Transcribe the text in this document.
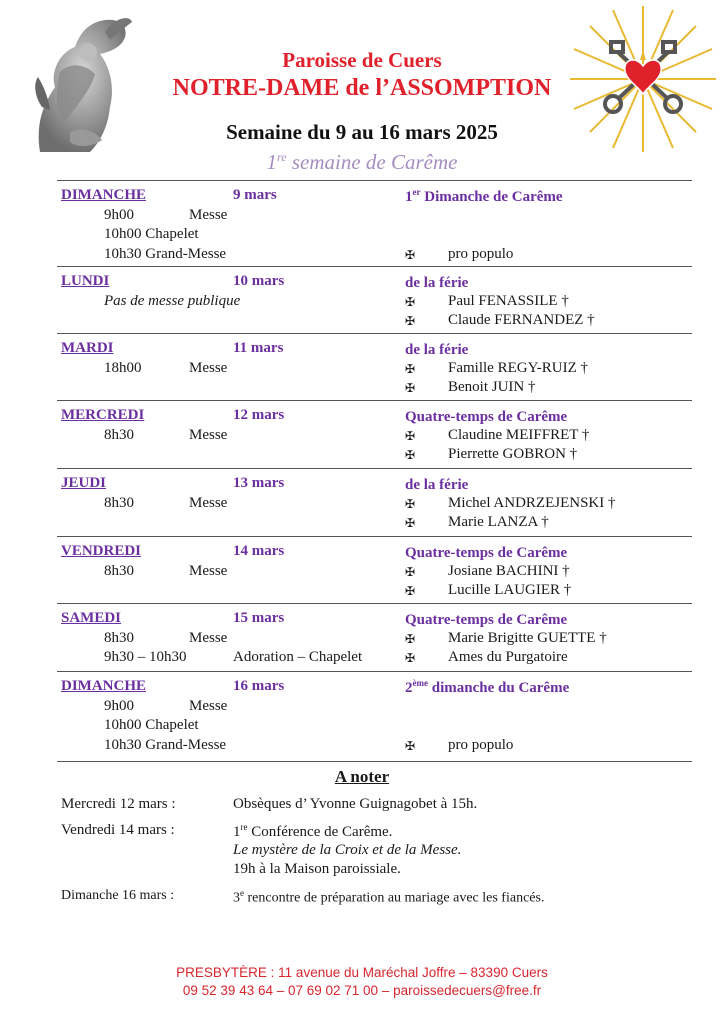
Paroisse de Cuers
NOTRE-DAME de l’ASSOMPTION
Semaine du 9 au 16 mars 2025
1re semaine de Carême
DIMANCHE	9 mars	1er Dimanche de Carême
9h00	Messe
10h00 Chapelet
10h30 Grand-Messe	✠ pro populo
LUNDI	10 mars	de la férie
Pas de messe publique	✠ Paul FENASSILE †
✠ Claude FERNANDEZ †
MARDI	11 mars	de la férie
18h00	Messe	✠ Famille REGY-RUIZ †
✠ Benoit JUIN †
MERCREDI	12 mars	Quatre-temps de Carême
8h30	Messe	✠ Claudine MEIFFRET †
✠ Pierrette GOBRON †
JEUDI	13 mars	de la férie
8h30	Messe	✠ Michel ANDRZEJENSKI †
✠ Marie LANZA †
VENDREDI	14 mars	Quatre-temps de Carême
8h30	Messe	✠ Josiane BACHINI †
✠ Lucille LAUGIER †
SAMEDI	15 mars	Quatre-temps de Carême
8h30	Messe
9h30 – 10h30	Adoration – Chapelet
✠ Marie Brigitte GUETTE †
✠ Ames du Purgatoire
DIMANCHE	16 mars	2ème dimanche du Carême
9h00	Messe
10h00 Chapelet
10h30 Grand-Messe	✠ pro populo
A noter
Mercredi 12 mars :	Obsèques d’ Yvonne Guignagobet à 15h.
Vendredi 14 mars :	1re Conférence de Carême.
Le mystère de la Croix et de la Messe.
19h à la Maison paroissiale.
Dimanche 16 mars :	3e rencontre de préparation au mariage avec les fiancés.
PRESBYTÈRE : 11 avenue du Maréchal Joffre – 83390 Cuers
09 52 39 43 64 – 07 69 02 71 00 – paroissedecuers@free.fr
